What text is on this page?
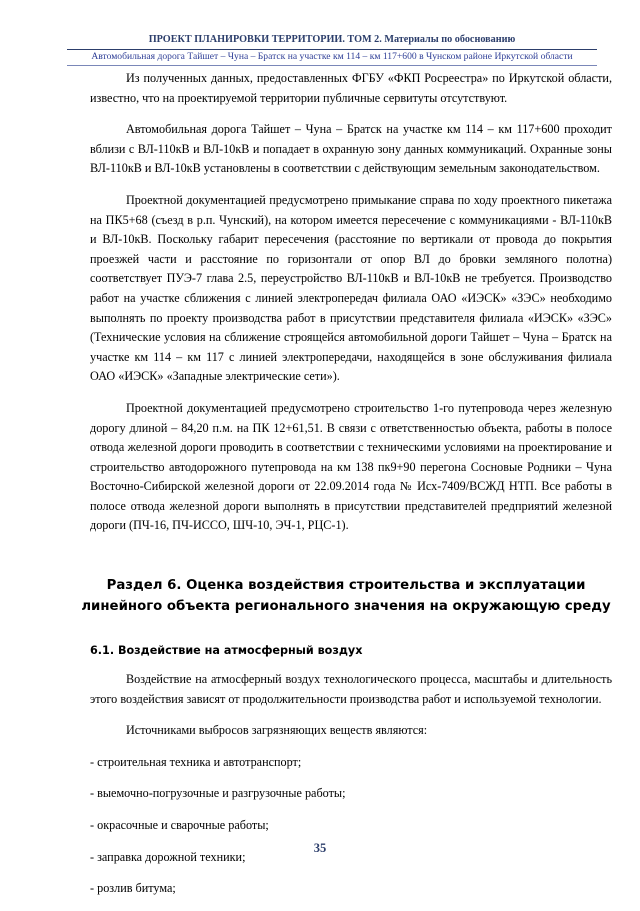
ПРОЕКТ ПЛАНИРОВКИ ТЕРРИТОРИИ. ТОМ 2. Материалы по обоснованию
Автомобильная дорога Тайшет – Чуна – Братск на участке км 114 – км 117+600 в Чунском районе Иркутской области

Из полученных данных, предоставленных ФГБУ «ФКП Росреестра» по Иркутской области, известно, что на проектируемой территории публичные сервитуты отсутствуют.

Автомобильная дорога Тайшет – Чуна – Братск на участке км 114 – км 117+600 проходит вблизи с ВЛ-110кВ и ВЛ-10кВ и попадает в охранную зону данных коммуникаций. Охранные зоны ВЛ-110кВ и ВЛ-10кВ установлены в соответствии с действующим земельным законодательством.

Проектной документацией предусмотрено примыкание справа по ходу проектного пикетажа на ПК5+68 (съезд в р.п. Чунский), на котором имеется пересечение с коммуникациями - ВЛ-110кВ и ВЛ-10кВ. Поскольку габарит пересечения (расстояние по вертикали от провода до покрытия проезжей части и расстояние по горизонтали от опор ВЛ до бровки земляного полотна) соответствует ПУЭ-7 глава 2.5, переустройство ВЛ-110кВ и ВЛ-10кВ не требуется. Производство работ на участке сближения с линией электропередач филиала ОАО «ИЭСК» «ЗЭС» необходимо выполнять по проекту производства работ в присутствии представителя филиала «ИЭСК» «ЗЭС» (Технические условия на сближение строящейся автомобильной дороги Тайшет – Чуна – Братск на участке км 114 – км 117 с линией электропередачи, находящейся в зоне обслуживания филиала ОАО «ИЭСК» «Западные электрические сети»).

Проектной документацией предусмотрено строительство 1-го путепровода через железную дорогу длиной – 84,20 п.м. на ПК 12+61,51. В связи с ответственностью объекта, работы в полосе отвода железной дороги проводить в соответствии с техническими условиями на проектирование и строительство автодорожного путепровода на км 138 пк9+90 перегона Сосновые Родники – Чуна Восточно-Сибирской железной дороги от 22.09.2014 года № Исх-7409/ВСЖД НТП. Все работы в полосе отвода железной дороги выполнять в присутствии представителей предприятий железной дороги (ПЧ-16, ПЧ-ИССО, ШЧ-10, ЭЧ-1, РЦС-1).

Раздел 6. Оценка воздействия строительства и эксплуатации линейного объекта регионального значения на окружающую среду
6.1. Воздействие на атмосферный воздух

Воздействие на атмосферный воздух технологического процесса, масштабы и длительность этого воздействия зависят от продолжительности производства работ и используемой технологии.

Источниками выбросов загрязняющих веществ являются:

- строительная техника и автотранспорт;

- выемочно-погрузочные и разгрузочные работы;

- окрасочные и сварочные работы;

- заправка дорожной техники;

- розлив битума;

35
